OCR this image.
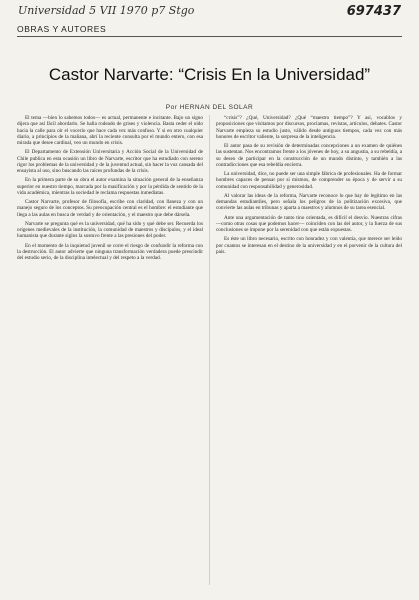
Universidad 5 VII 1970 p7 Stgo	697437
OBRAS Y AUTORES
Castor Narvarte: “Crisis En la Universidad”
Por HERNAN DEL SOLAR

El tema —bien lo sabemos todos— es actual, permanente e incitante. Bajo un signo dijera que así fácil abordarlo. Se halla rodeado de grises y violencia. Basta ceder el oído hacia la calle para oír el vocerío que hace cada vez más confuso. Y si en otro cualquier diario, a principios de la mañana, abrí la reciente consulta por el mundo entero, con esa mirada que desee cardinal, veo un mundo en crisis.

El Departamento de Extensión Universitaria y Acción Social de la Universidad de Chile publica en esta ocasión un libro de Narvarte, escritor que ha estudiado con sereno rigor los problemas de la universidad y de la juventud actual, sin hacer la voz cansada del ensayista al uso, sino buscando las raíces profundas de la crisis.

En la primera parte de su obra el autor examina la situación general de la enseñanza superior en nuestro tiempo, marcada por la masificación y por la pérdida de sentido de la vida académica, mientras la sociedad le reclama respuestas inmediatas.

Castor Narvarte, profesor de filosofía, escribe con claridad, con llaneza y con un manejo seguro de los conceptos. Su preocupación central es el hombre: el estudiante que llega a las aulas en busca de verdad y de orientación, y el maestro que debe dársela.

Narvarte se pregunta qué es la universidad, qué ha sido y qué debe ser. Recuerda los orígenes medievales de la institución, la comunidad de maestros y discípulos, y el ideal humanista que durante siglos la sostuvo frente a las presiones del poder.

En el momento de la inquietud juvenil se corre el riesgo de confundir la reforma con la destrucción. El autor advierte que ninguna transformación verdadera puede prescindir del estudio serio, de la disciplina intelectual y del respeto a la verdad.

“crisis”? ¿Qué, Universidad? ¿Qué “maestro tiempo”? Y así, vocablos y proposiciones que visitamos por discursos, proclamas, revistas, artículos, debates. Castor Narvarte empieza su estudio justo, válido desde antiguos tiempos, cada vez con más honores de escritor valiente, la sorpresa de la inteligencia.

El autor pasa de su revisión de determinadas concepciones a un examen de quiénes las sustentan. Nos encontramos frente a los jóvenes de hoy, a su angustia, a su rebeldía, a su deseo de participar en la construcción de un mundo distinto, y también a las contradicciones que esa rebeldía encierra.

La universidad, dice, no puede ser una simple fábrica de profesionales. Ha de formar hombres capaces de pensar por sí mismos, de comprender su época y de servir a su comunidad con responsabilidad y generosidad.

Al valorar las ideas de la reforma, Narvarte reconoce lo que hay de legítimo en las demandas estudiantiles, pero señala los peligros de la politización excesiva, que convierte las aulas en tribunas y aparta a maestros y alumnos de su tarea esencial.

Ante una argumentación de tanto tino orientada, es difícil el desvío. Nuestras cifras —como otras cosas que podemos hacer— coinciden con las del autor, y la fuerza de sus conclusiones se impone por la serenidad con que están expuestas.

Es éste un libro necesario, escrito con honradez y con valentía, que merece ser leído por cuantos se interesan en el destino de la universidad y en el porvenir de la cultura del país.
